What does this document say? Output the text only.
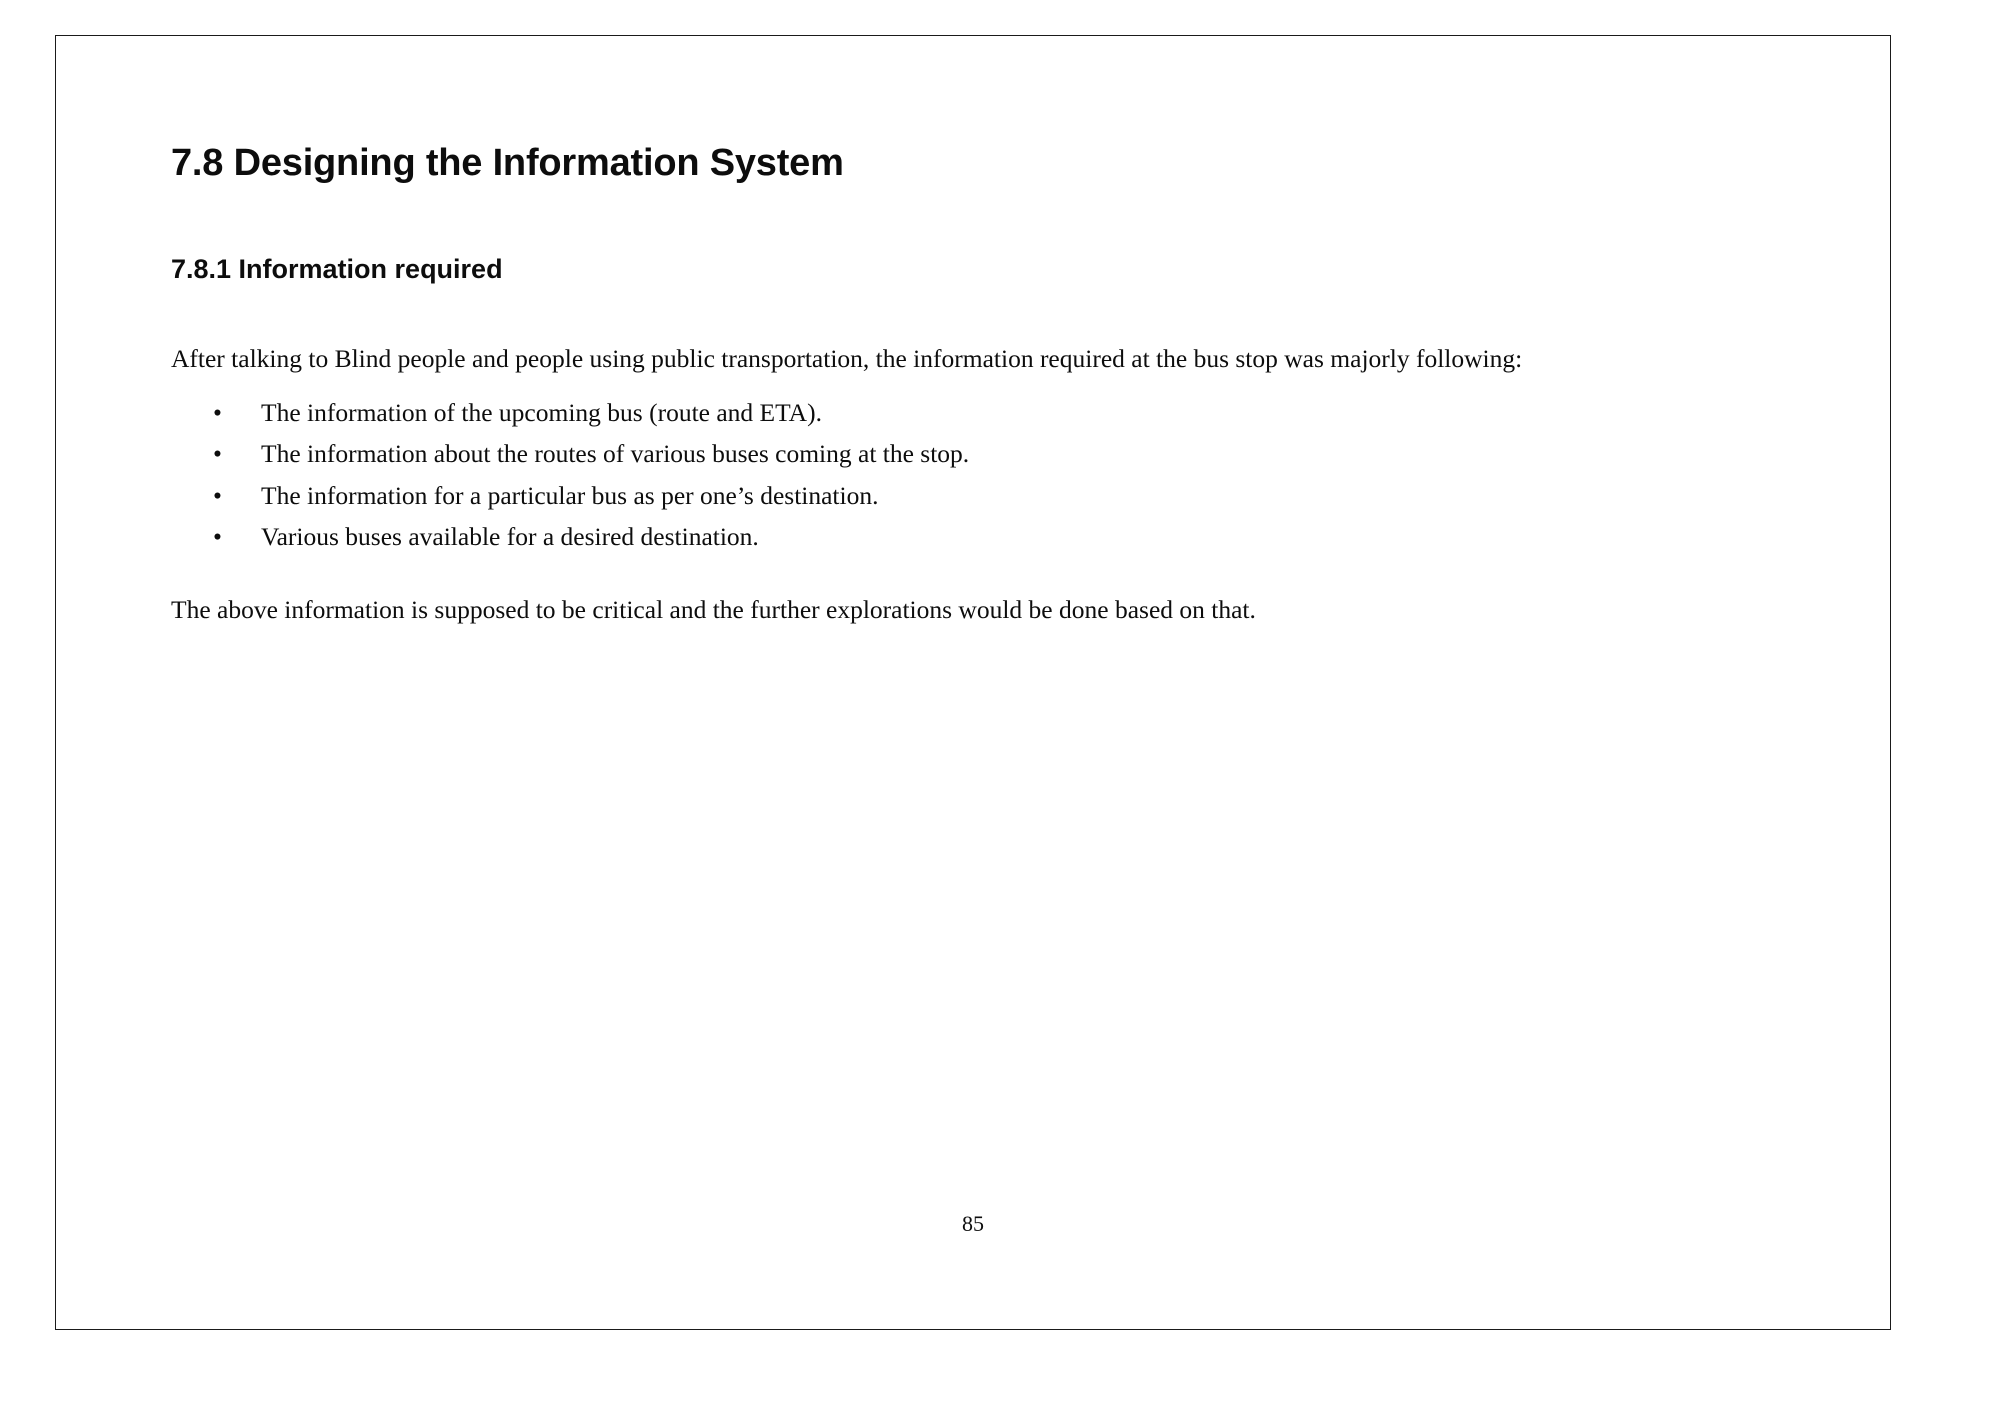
7.8 Designing the Information System
7.8.1 Information required

After talking to Blind people and people using public transportation, the information required at the bus stop was majorly following:

• The information of the upcoming bus (route and ETA).
• The information about the routes of various buses coming at the stop.
• The information for a particular bus as per one’s destination.
• Various buses available for a desired destination.

The above information is supposed to be critical and the further explorations would be done based on that.

85
